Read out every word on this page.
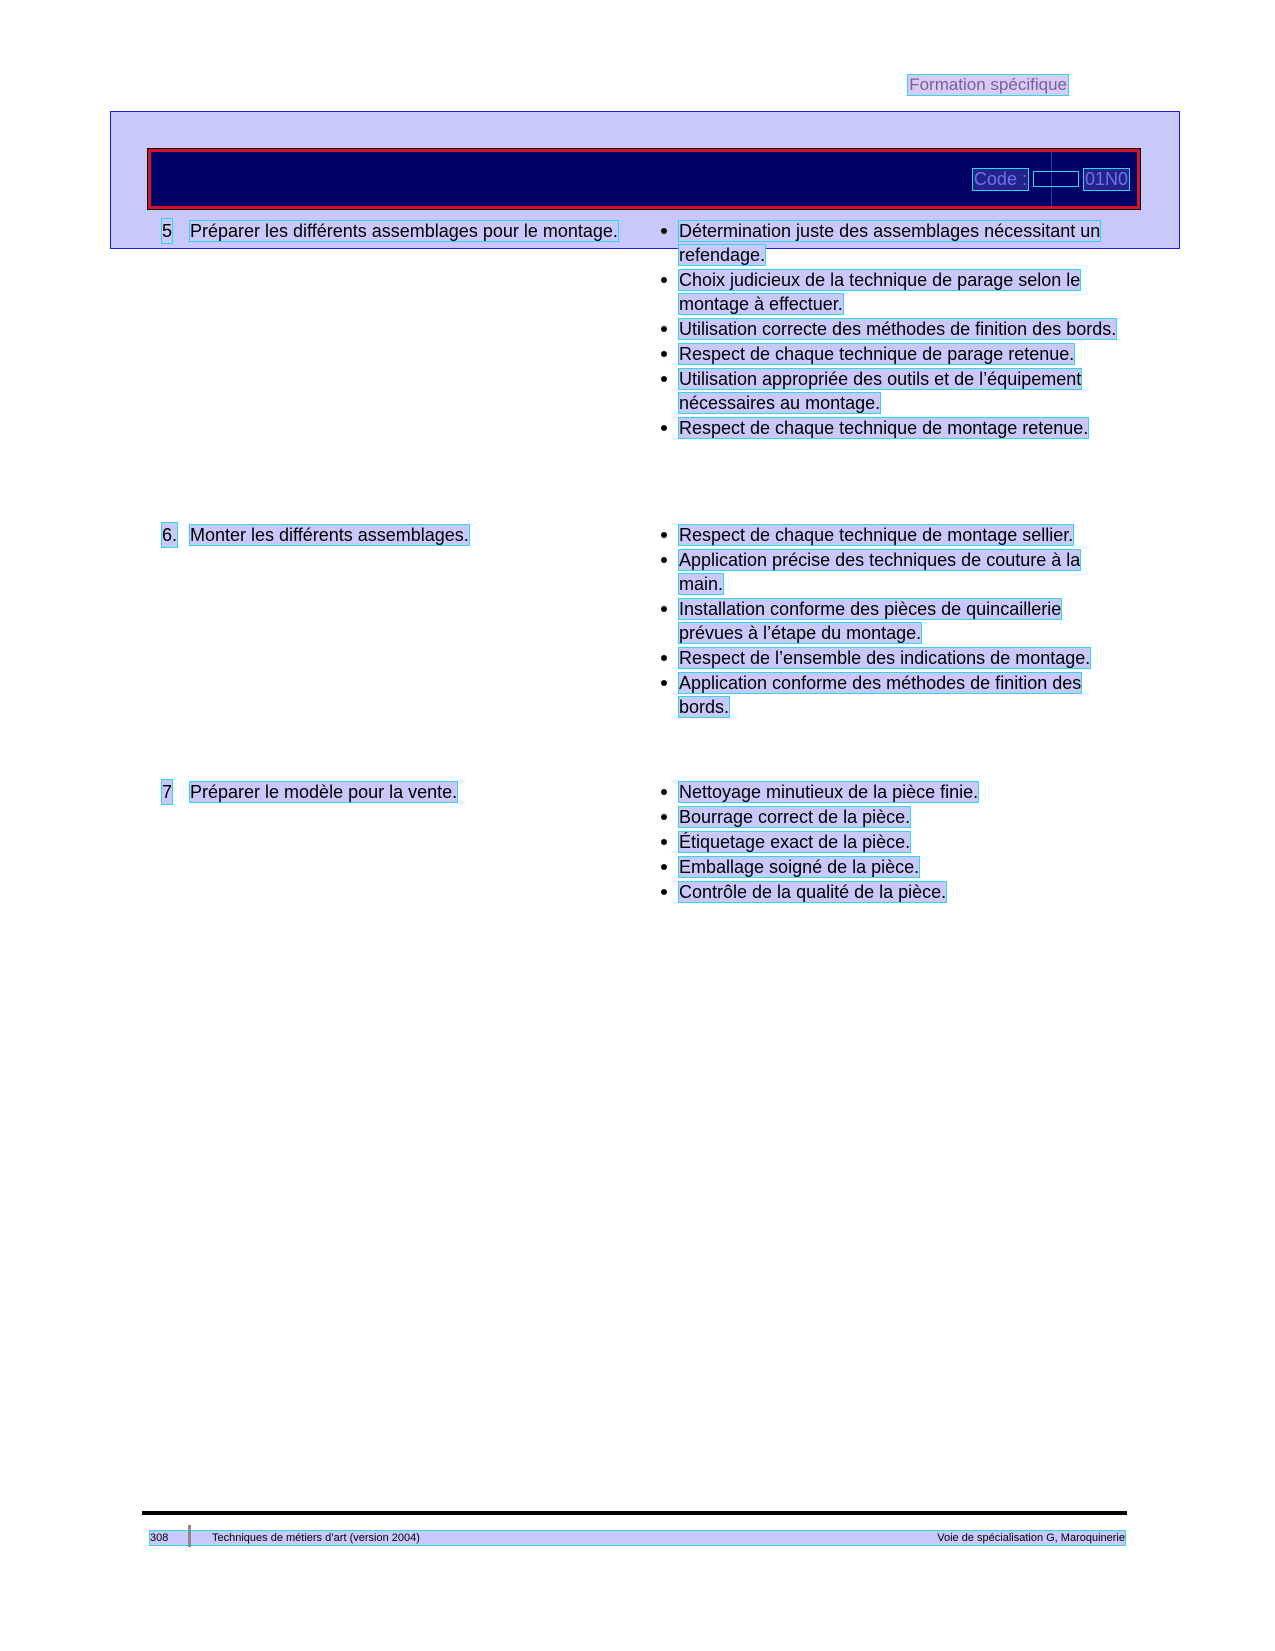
Formation spécifique
Code :	01N0
5 Préparer les différents assemblages pour le montage.	Détermination juste des assemblages nécessitant un refendage.
Choix judicieux de la technique de parage selon le montage à effectuer.
Utilisation correcte des méthodes de finition des bords.
Respect de chaque technique de parage retenue.
Utilisation appropriée des outils et de l’équipement nécessaires au montage.
Respect de chaque technique de montage retenue.
6. Monter les différents assemblages.	Respect de chaque technique de montage sellier.
Application précise des techniques de couture à la main.
Installation conforme des pièces de quincaillerie prévues à l’étape du montage.
Respect de l’ensemble des indications de montage.
Application conforme des méthodes de finition des bords.
7 Préparer le modèle pour la vente.	Nettoyage minutieux de la pièce finie.
Bourrage correct de la pièce.
Étiquetage exact de la pièce.
Emballage soigné de la pièce.
Contrôle de la qualité de la pièce.
308	Techniques de métiers d’art (version 2004)	Voie de spécialisation G, Maroquinerie
